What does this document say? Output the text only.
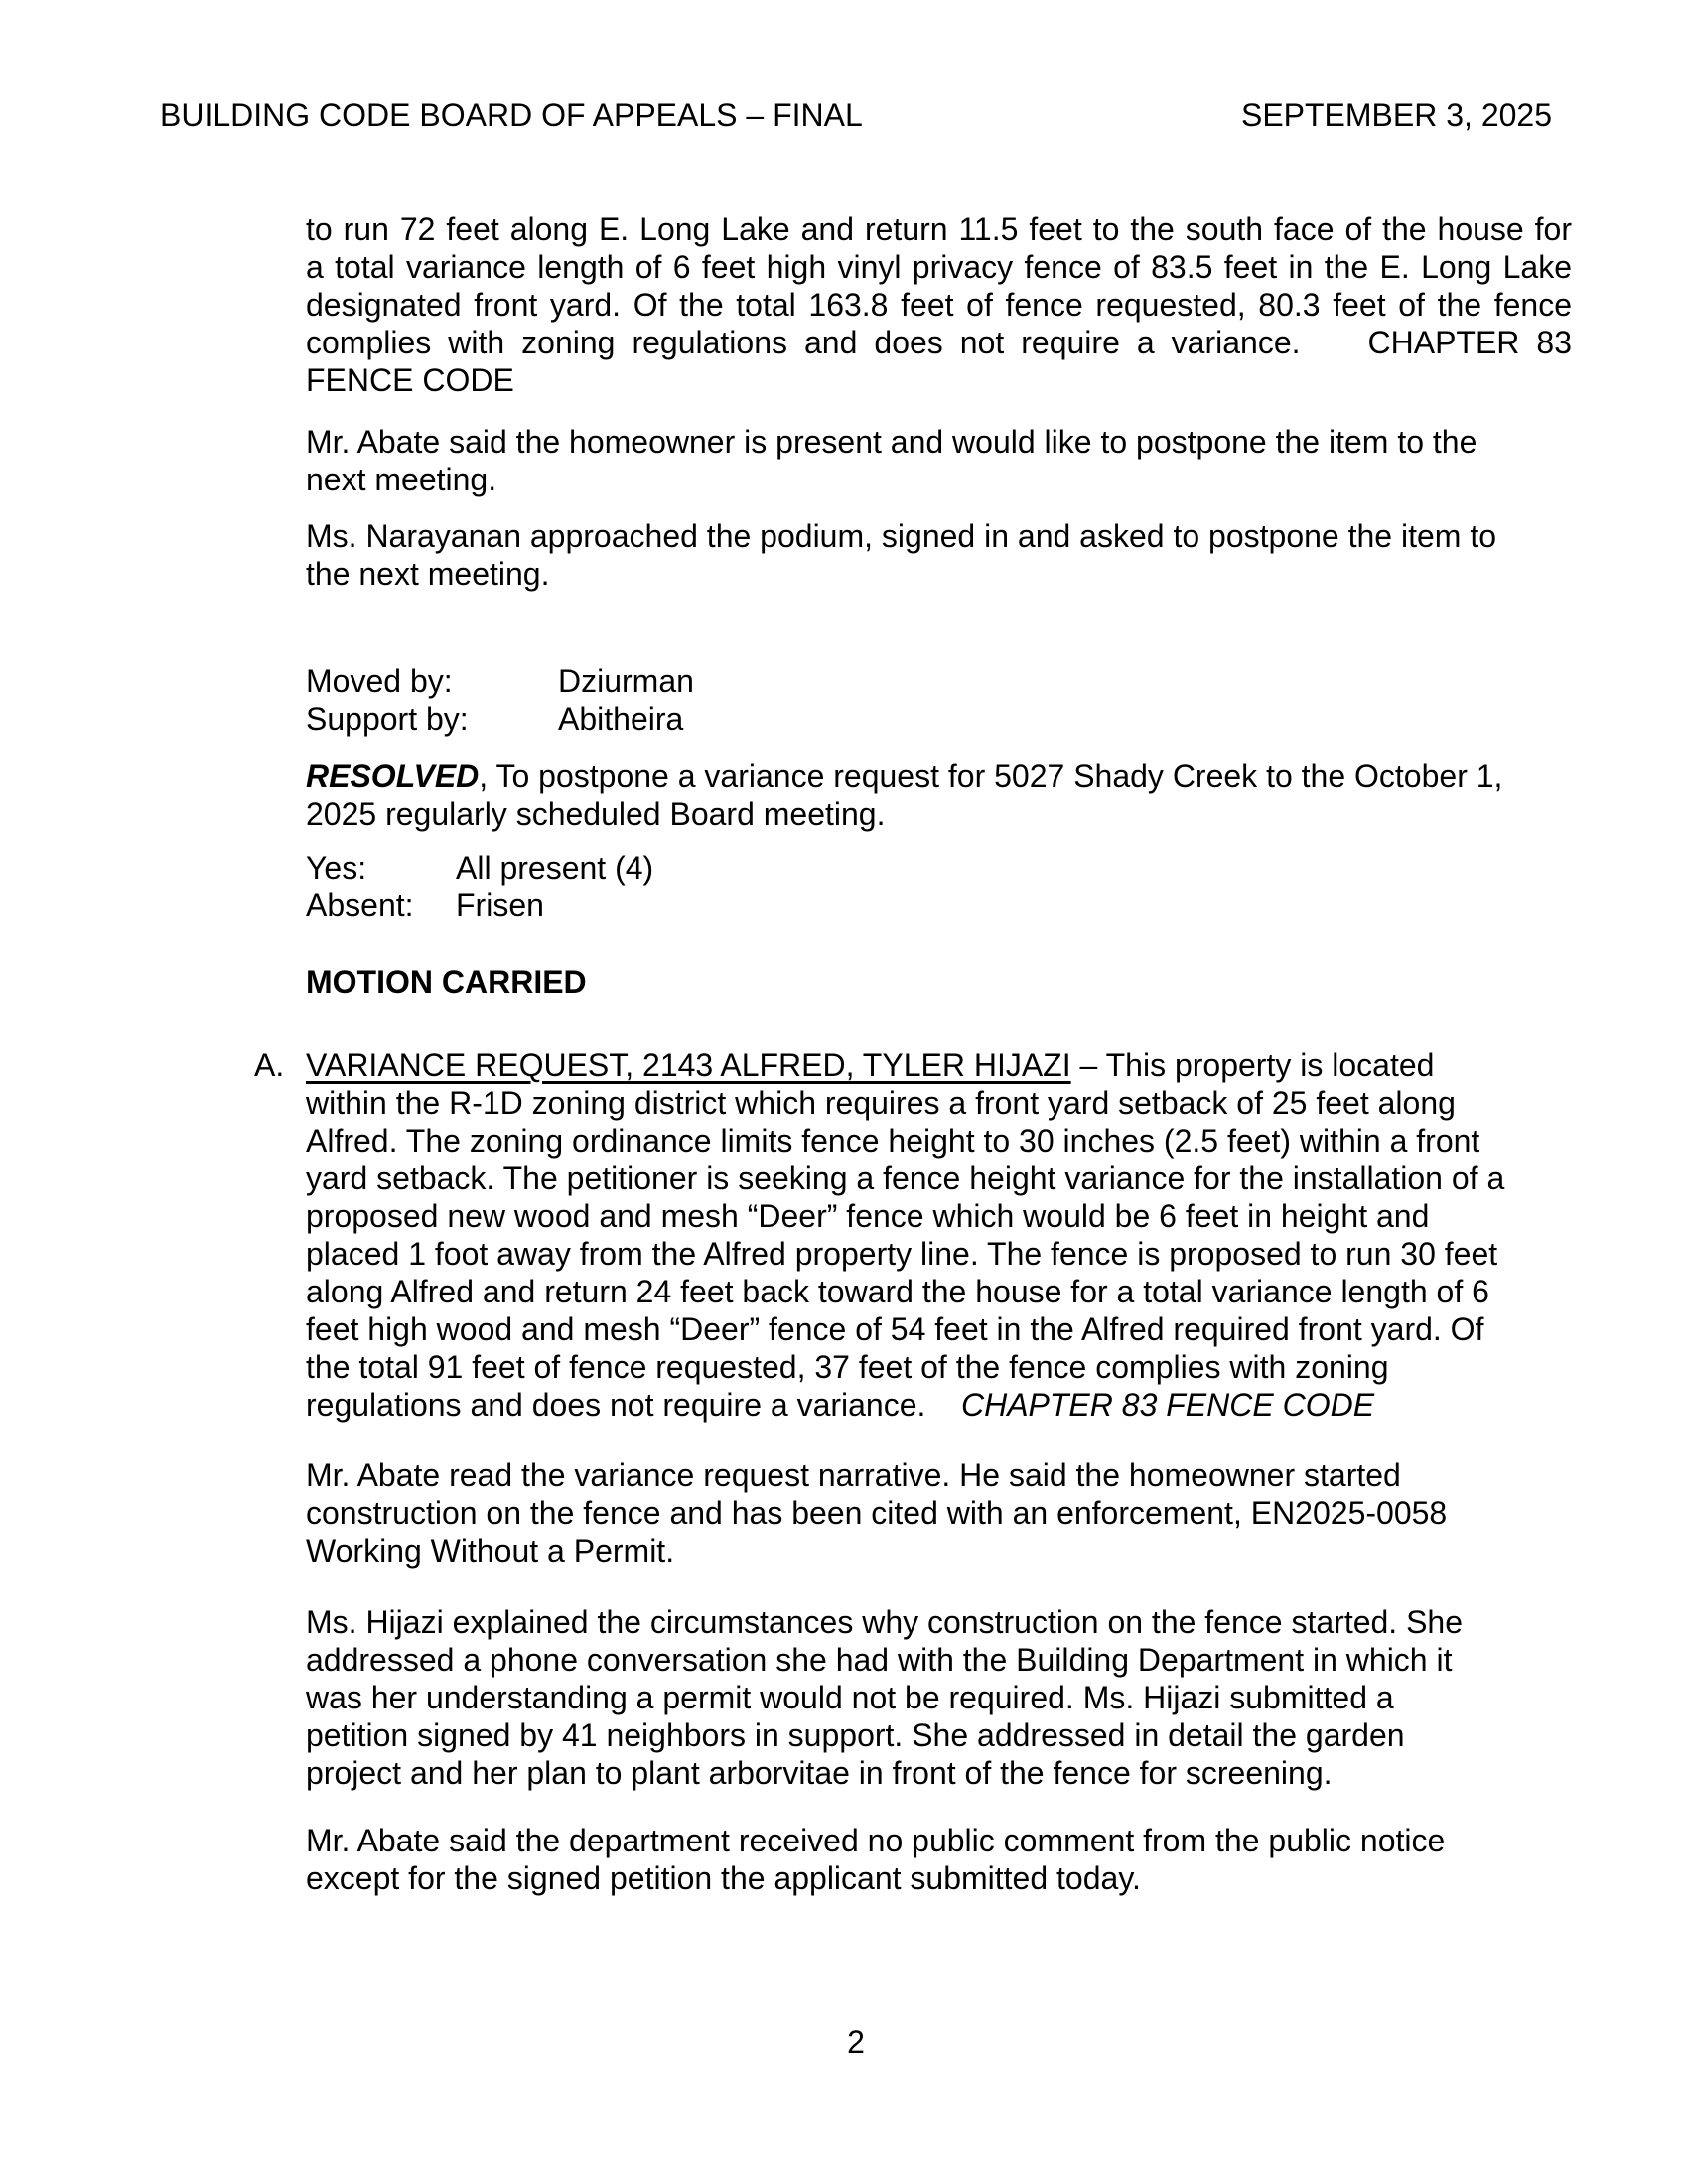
BUILDING CODE BOARD OF APPEALS – FINAL	SEPTEMBER 3, 2025
to run 72 feet along E. Long Lake and return 11.5 feet to the south face of the house for
a total variance length of 6 feet high vinyl privacy fence of 83.5 feet in the E. Long Lake
designated front yard. Of the total 163.8 feet of fence requested, 80.3 feet of the fence
complies with zoning regulations and does not require a variance.    CHAPTER 83
FENCE CODE
Mr. Abate said the homeowner is present and would like to postpone the item to the
next meeting.
Ms. Narayanan approached the podium, signed in and asked to postpone the item to
the next meeting.
Moved by:	Dziurman
Support by:	Abitheira
RESOLVED, To postpone a variance request for 5027 Shady Creek to the October 1,
2025 regularly scheduled Board meeting.
Yes:	All present (4)
Absent: Frisen
MOTION CARRIED
A. VARIANCE REQUEST, 2143 ALFRED, TYLER HIJAZI – This property is located
within the R-1D zoning district which requires a front yard setback of 25 feet along
Alfred. The zoning ordinance limits fence height to 30 inches (2.5 feet) within a front
yard setback. The petitioner is seeking a fence height variance for the installation of a
proposed new wood and mesh “Deer” fence which would be 6 feet in height and
placed 1 foot away from the Alfred property line. The fence is proposed to run 30 feet
along Alfred and return 24 feet back toward the house for a total variance length of 6
feet high wood and mesh “Deer” fence of 54 feet in the Alfred required front yard. Of
the total 91 feet of fence requested, 37 feet of the fence complies with zoning
regulations and does not require a variance.    CHAPTER 83 FENCE CODE
Mr. Abate read the variance request narrative. He said the homeowner started
construction on the fence and has been cited with an enforcement, EN2025-0058
Working Without a Permit.
Ms. Hijazi explained the circumstances why construction on the fence started. She
addressed a phone conversation she had with the Building Department in which it
was her understanding a permit would not be required. Ms. Hijazi submitted a
petition signed by 41 neighbors in support. She addressed in detail the garden
project and her plan to plant arborvitae in front of the fence for screening.
Mr. Abate said the department received no public comment from the public notice
except for the signed petition the applicant submitted today.
2
